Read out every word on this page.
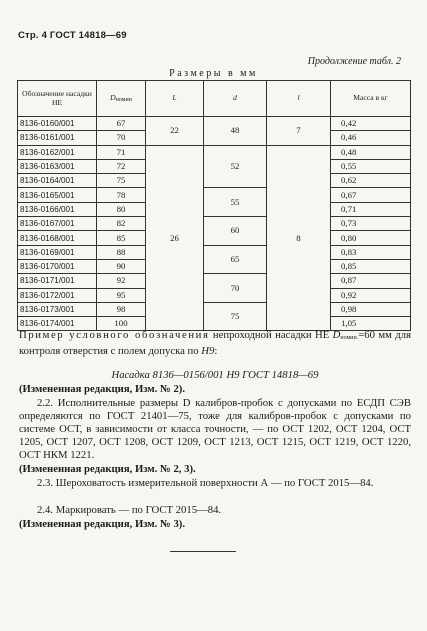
Стр. 4 ГОСТ 14818—69
Продолжение табл. 2
Размеры в мм
Обозначение насадки НЕ	Dномин	L	d	l	Масса в кг
8136-0160/001	67	22	48	7	0,42
8136-0161/001	70				0,46
8136-0162/001	71	26	52	8	0,48
8136-0163/001	72				0,55
8136-0164/001	75				0,62
8136-0165/001	78		55		0,67
8136-0166/001	80				0,71
8136-0167/001	82		60		0,73
8136-0168/001	85				0,80
8136-0169/001	88		65		0,83
8136-0170/001	90				0,85
8136-0171/001	92		70		0,87
8136-0172/001	95				0,92
8136-0173/001	98		75		0,98
8136-0174/001	100				1,05
Пример условного обозначения непроходной насадки НЕ Dномин.=60 мм для контроля отверстия с полем допуска по H9:
Насадка 8136—0156/001 H9 ГОСТ 14818—69
(Измененная редакция, Изм. № 2).
2.2. Исполнительные размеры D калибров-пробок с допусками по ЕСДП СЭВ определяются по ГОСТ 21401—75, тоже для калибров-пробок с допусками по системе ОСТ, в зависимости от класса точности, — по ОСТ 1202, ОСТ 1204, ОСТ 1205, ОСТ 1207, ОСТ 1208, ОСТ 1209, ОСТ 1213, ОСТ 1215, ОСТ 1219, ОСТ 1220, ОСТ НКМ 1221.
(Измененная редакция, Изм. № 2, 3).
2.3. Шероховатость измерительной поверхности А — по ГОСТ 2015—84.
2.4. Маркировать — по ГОСТ 2015—84.
(Измененная редакция, Изм. № 3).
